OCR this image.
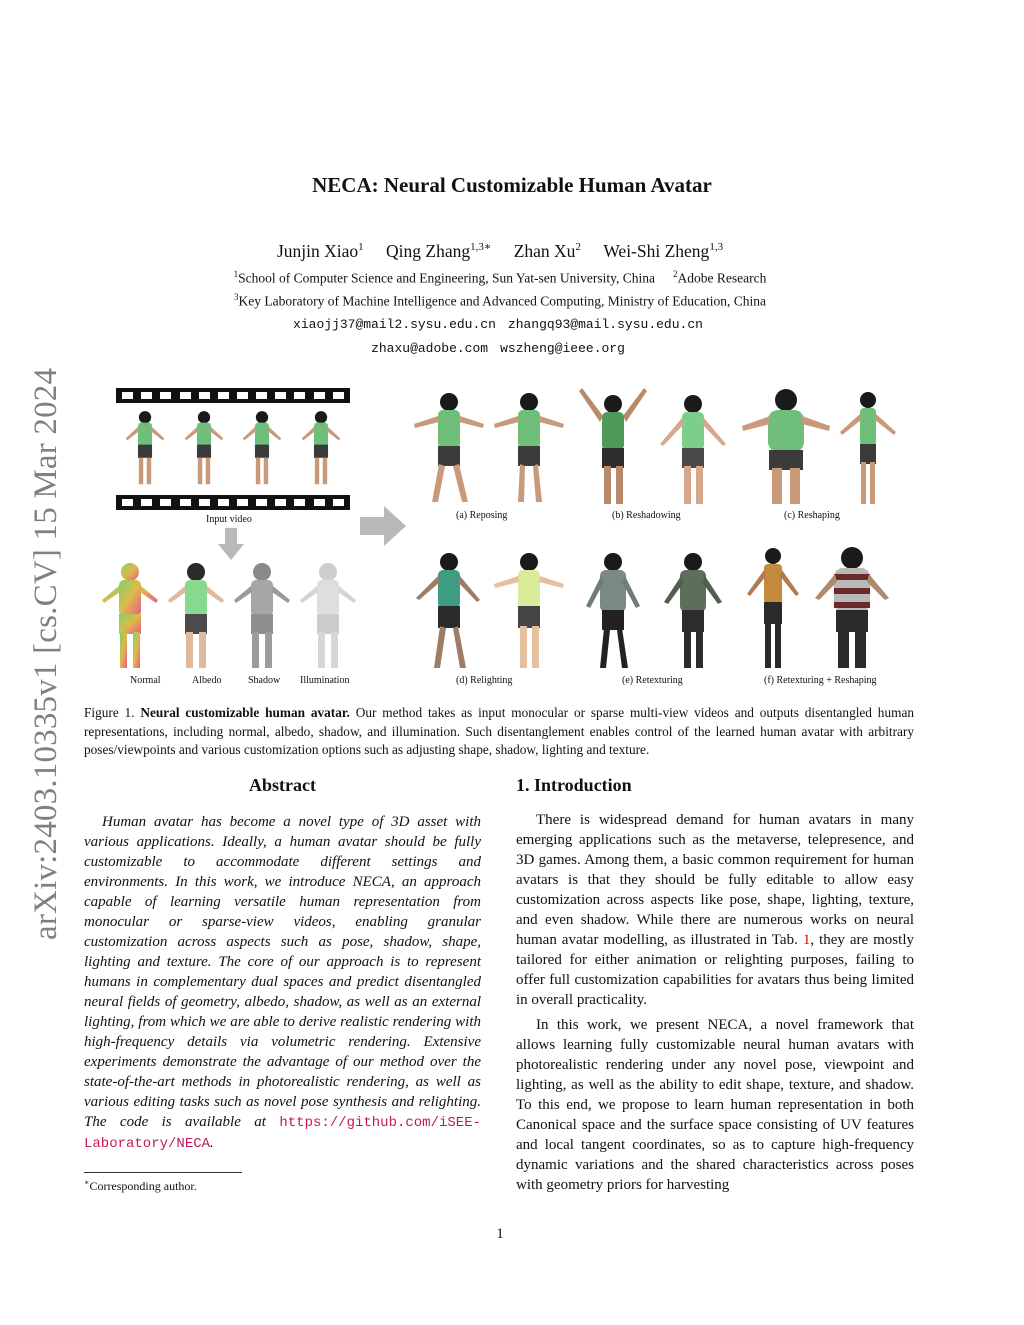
arXiv:2403.10335v1 [cs.CV] 15 Mar 2024
NECA: Neural Customizable Human Avatar
Junjin Xiao$^1$ Qing Zhang$^{1,3∗}$ Zhan Xu$^2$ Wei-Shi Zheng$^{1,3}$
$^1$School of Computer Science and Engineering, Sun Yat-sen University, China $^2$Adobe Research
$^3$Key Laboratory of Machine Intelligence and Advanced Computing, Ministry of Education, China
xiaojj37@mail2.sysu.edu.cn zhangq93@mail.sysu.edu.cn
zhaxu@adobe.com wszheng@ieee.org
Input video
Normal	Albedo	Shadow Illumination
(a) Reposing	(b) Reshadowing	(c) Reshaping
(d) Relighting	(e) Retexturing	(f) Retexturing + Reshaping
Figure 1. Neural customizable human avatar. Our method takes as input monocular or sparse multi-view videos and outputs disentangled human representations, including normal, albedo, shadow, and illumination. Such disentanglement enables control of the learned human avatar with arbitrary poses/viewpoints and various customization options such as adjusting shape, shadow, lighting and texture.
Abstract
Human avatar has become a novel type of 3D asset with various applications. Ideally, a human avatar should be fully customizable to accommodate different settings and environments. In this work, we introduce NECA, an approach capable of learning versatile human representation from monocular or sparse-view videos, enabling granular customization across aspects such as pose, shadow, shape, lighting and texture. The core of our approach is to represent humans in complementary dual spaces and predict disentangled neural fields of geometry, albedo, shadow, as well as an external lighting, from which we are able to derive realistic rendering with high-frequency details via volumetric rendering. Extensive experiments demonstrate the advantage of our method over the state-of-the-art methods in photorealistic rendering, as well as various editing tasks such as novel pose synthesis and relighting. The code is available at https://github.com/iSEE-Laboratory/NECA.
1. Introduction

There is widespread demand for human avatars in many emerging applications such as the metaverse, telepresence, and 3D games. Among them, a basic common requirement for human avatars is that they should be fully editable to allow easy customization across aspects like pose, shape, lighting, texture, and even shadow. While there are numerous works on neural human avatar modelling, as illustrated in Tab. 1, they are mostly tailored for either animation or relighting purposes, failing to offer full customization capabilities for avatars thus being limited in overall practicality.

In this work, we present NECA, a novel framework that allows learning fully customizable neural human avatars with photorealistic rendering under any novel pose, viewpoint and lighting, as well as the ability to edit shape, texture, and shadow. To this end, we propose to learn human representation in both Canonical space and the surface space consisting of UV features and local tangent coordinates, so as to capture high-frequency dynamic variations and the shared characteristics across poses with geometry priors for harvesting

∗Corresponding author.
1
